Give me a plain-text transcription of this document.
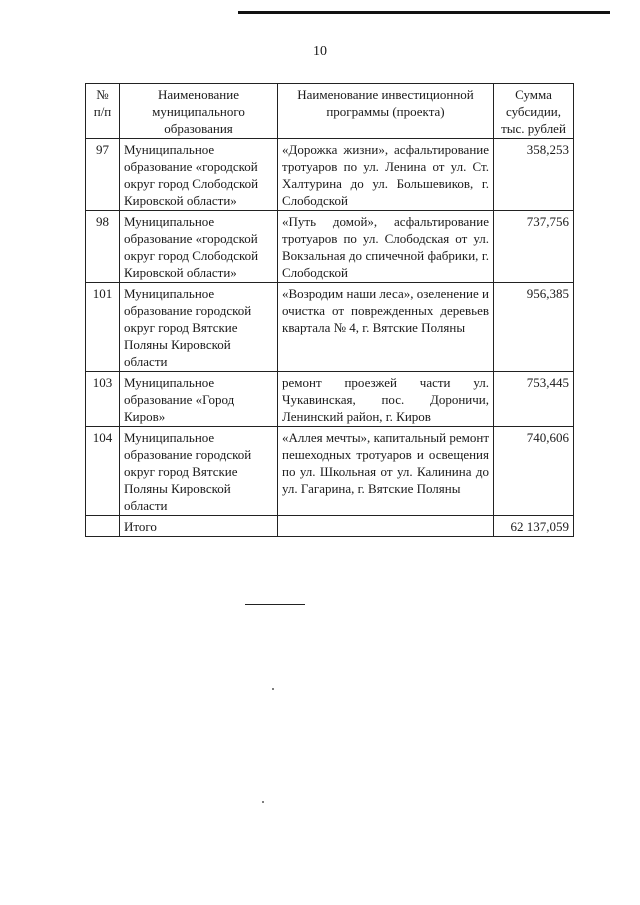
10
№ п/п	Наименование муниципального образования	Наименование инвестиционной программы (проекта)	Сумма субсидии, тыс. рублей
97	Муниципальное образование «городской округ город Слободской Кировской области»	«Дорожка жизни», асфальтирование тротуаров по ул. Ленина от ул. Ст. Халтурина до ул. Большевиков, г. Слободской	358,253
98	Муниципальное образование «городской округ город Слободской Кировской области»	«Путь домой», асфальтирование тротуаров по ул. Слободская от ул. Вокзальная до спичечной фабрики, г. Слободской	737,756
101	Муниципальное образование городской округ город Вятские Поляны Кировской области	«Возродим наши леса», озеленение и очистка от поврежденных деревьев квартала № 4, г. Вятские Поляны	956,385
103	Муниципальное образование «Город Киров»	ремонт проезжей части ул. Чукавинская, пос. Дороничи, Ленинский район, г. Киров	753,445
104	Муниципальное образование городской округ город Вятские Поляны Кировской области	«Аллея мечты», капитальный ремонт пешеходных тротуаров и освещения по ул. Школьная от ул. Калинина до ул. Гагарина, г. Вятские Поляны	740,606
	Итого		62 137,059
